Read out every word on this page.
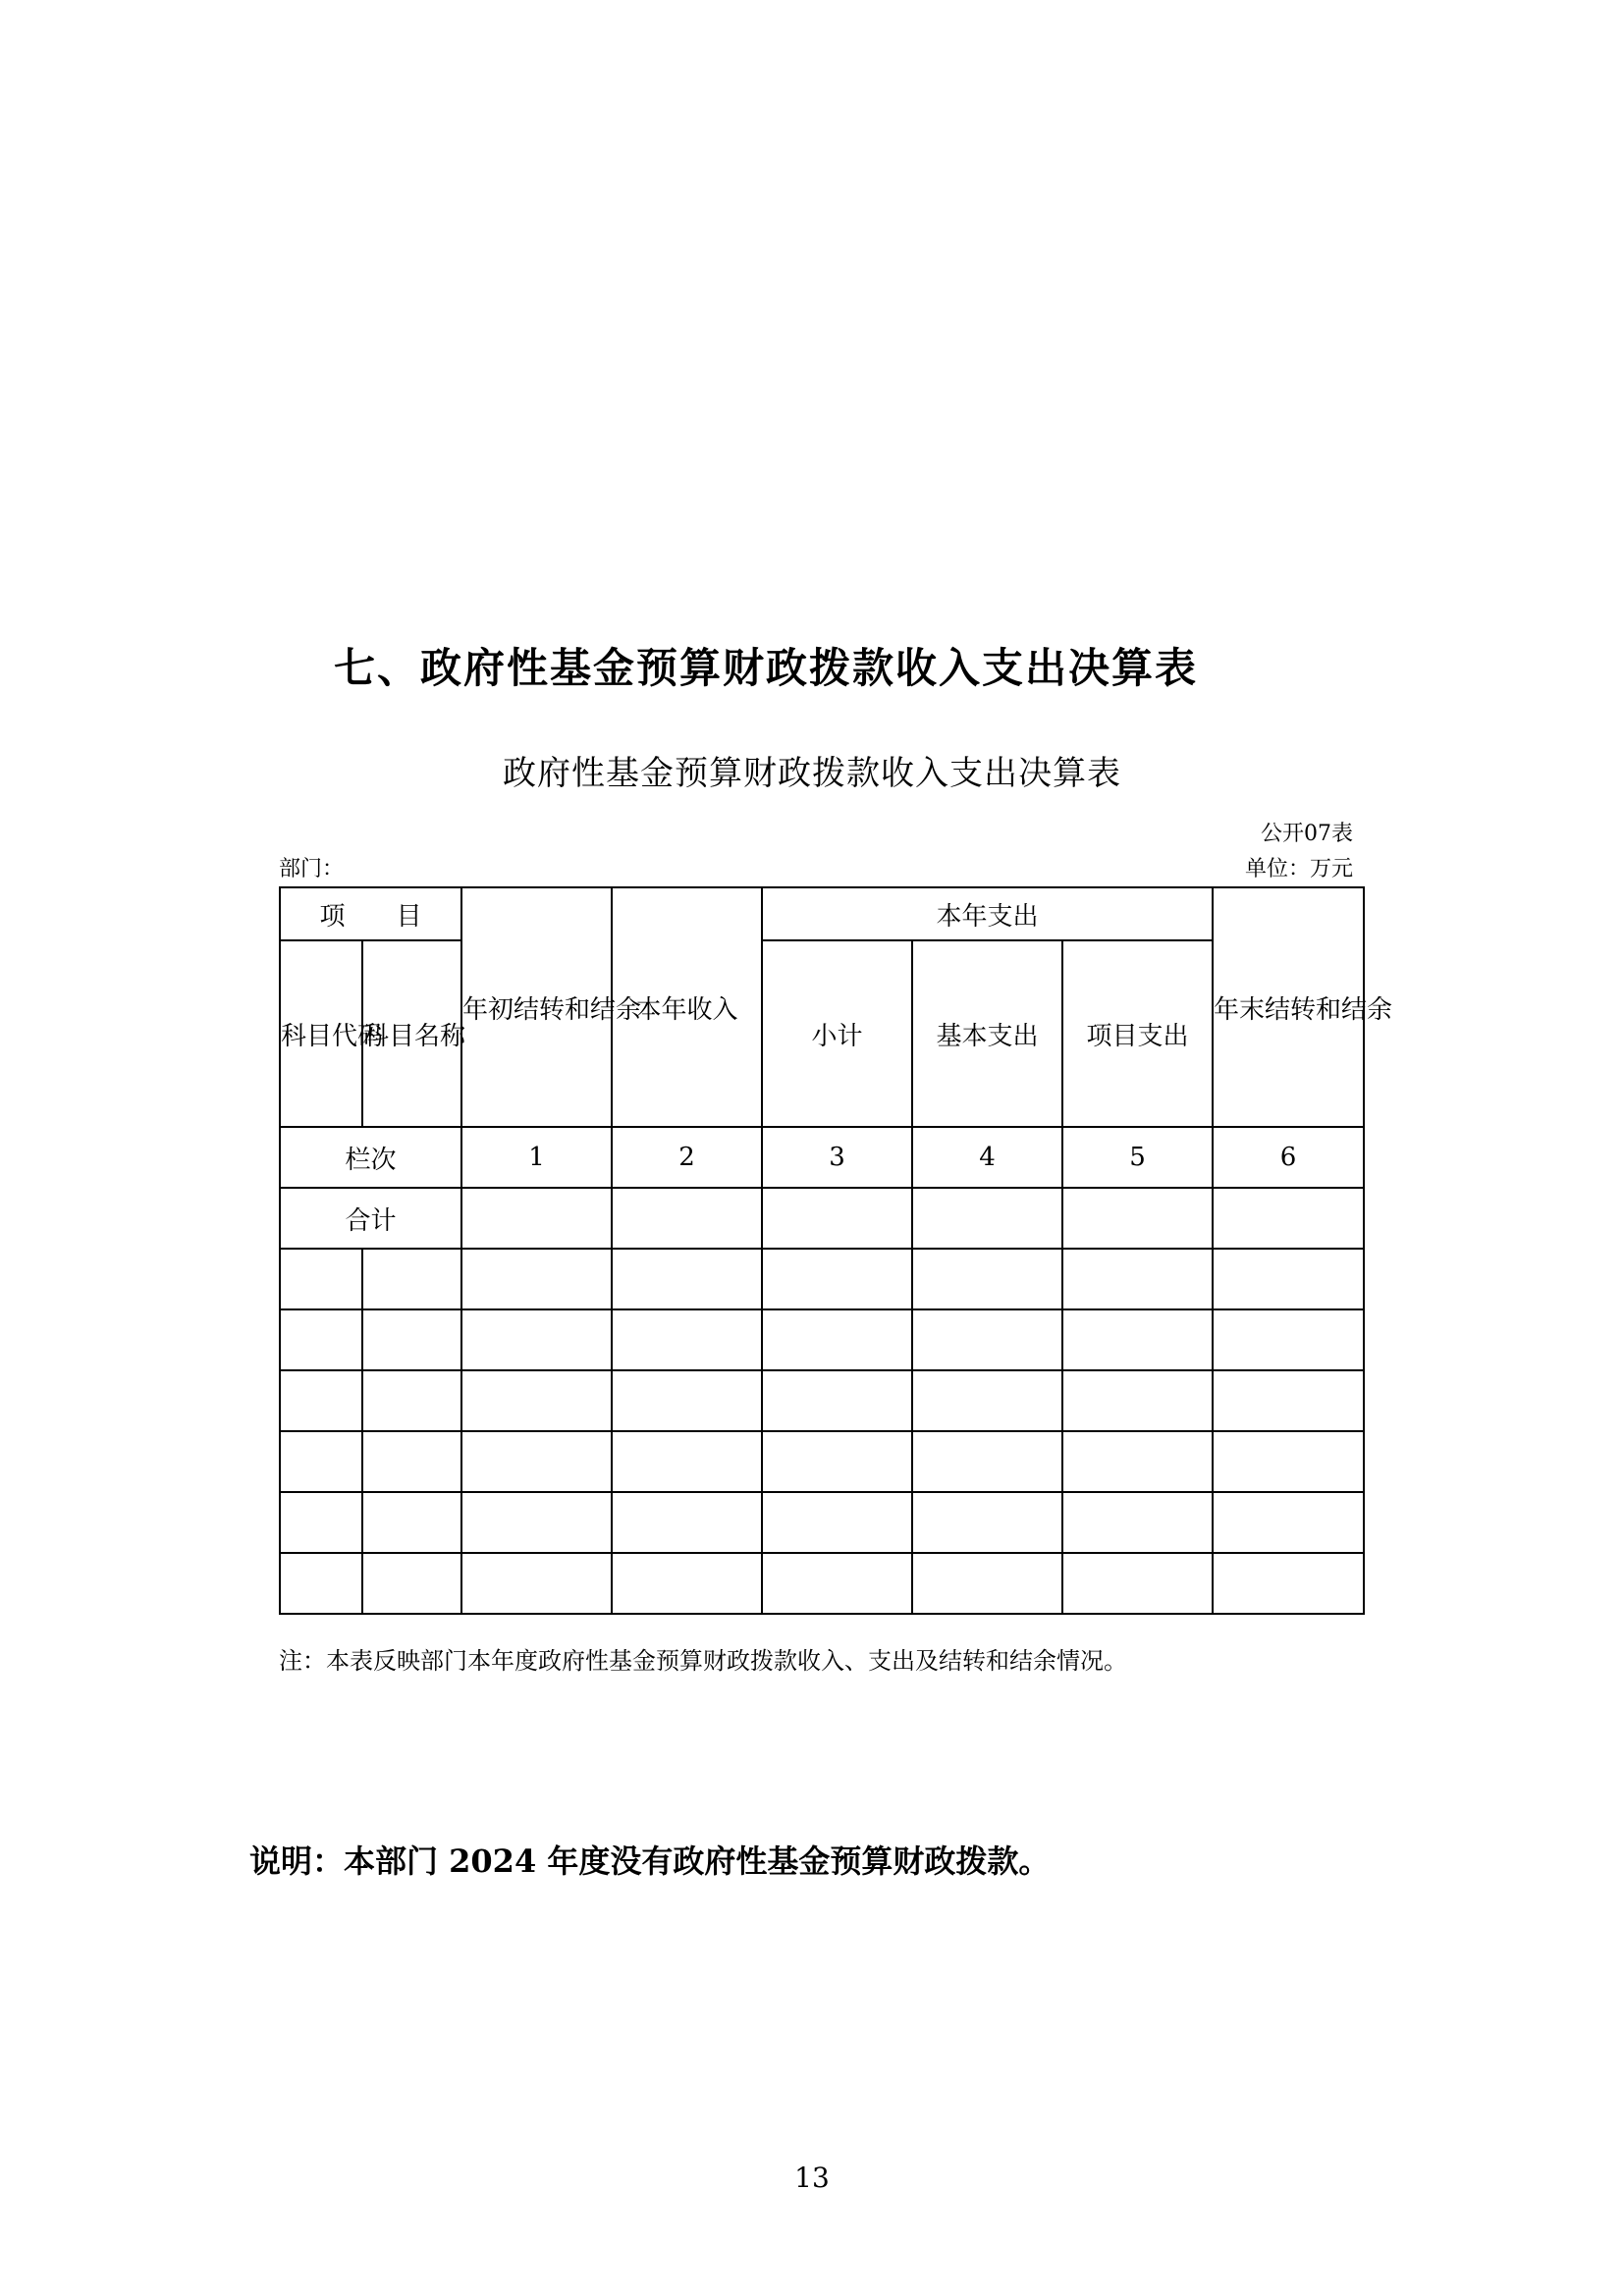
七、政府性基金预算财政拨款收入支出决算表
政府性基金预算财政拨款收入支出决算表
公开07表
部门：	单位：万元
项　　目		年初结转和结余	本年收入	本年支出			年末结转和结余
科目代码	科目名称			小计	基本支出	项目支出	
栏次		1	2	3	4	5	6
合计							

注：本表反映部门本年度政府性基金预算财政拨款收入、支出及结转和结余情况。
说明：本部门 2024 年度没有政府性基金预算财政拨款。
13
